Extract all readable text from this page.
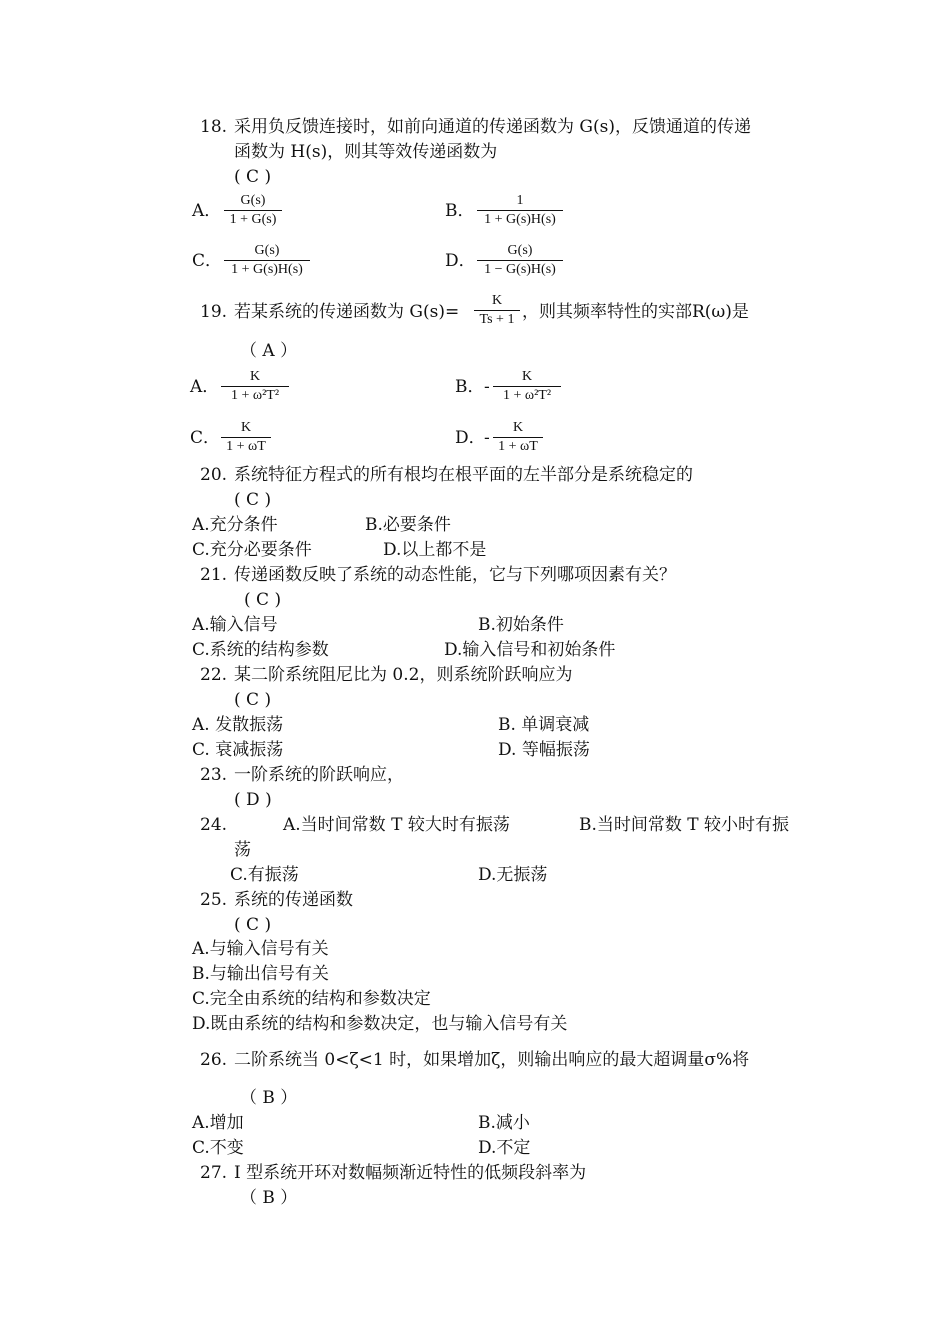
18. 采用负反馈连接时，如前向通道的传递函数为 G(s)，反馈通道的传递
函数为 H(s)，则其等效传递函数为
( C )
A．
G(s)
1 + G(s)	B．
1
1 + G(s)H(s)
C．
G(s)
1 + G(s)H(s)	D．
G(s)
1 − G(s)H(s)
19. 若某系统的传递函数为 G(s)=
K
Ts + 1 ，则其频率特性的实部R(ω)是
（ A ）
A．
K
1 + ω²T²	B． -
K
1 + ω²T²
C．
K
1 + ωT	D．
-
K
1 + ωT
20. 系统特征方程式的所有根均在根平面的左半部分是系统稳定的
( C )
A.充分条件	B.必要条件
C.充分必要条件	D.以上都不是
21. 传递函数反映了系统的动态性能，它与下列哪项因素有关？
( C )
A.输入信号	B.初始条件
C.系统的结构参数	D.输入信号和初始条件
22. 某二阶系统阻尼比为 0.2，则系统阶跃响应为
( C )
A. 发散振荡	B. 单调衰减
C. 衰减振荡	D. 等幅振荡
23. 一阶系统的阶跃响应，
( D )
24.	A.当时间常数 T 较大时有振荡	B.当时间常数 T 较小时有振
荡
C.有振荡	D.无振荡
25. 系统的传递函数
( C )
A.与输入信号有关
B.与输出信号有关
C.完全由系统的结构和参数决定
D.既由系统的结构和参数决定，也与输入信号有关
26. 二阶系统当 0<ζ<1 时，如果增加ζ，则输出响应的最大超调量σ%将
（ B ）
A.增加	B.减小
C.不变	D.不定
27. I 型系统开环对数幅频渐近特性的低频段斜率为
（ B ）
